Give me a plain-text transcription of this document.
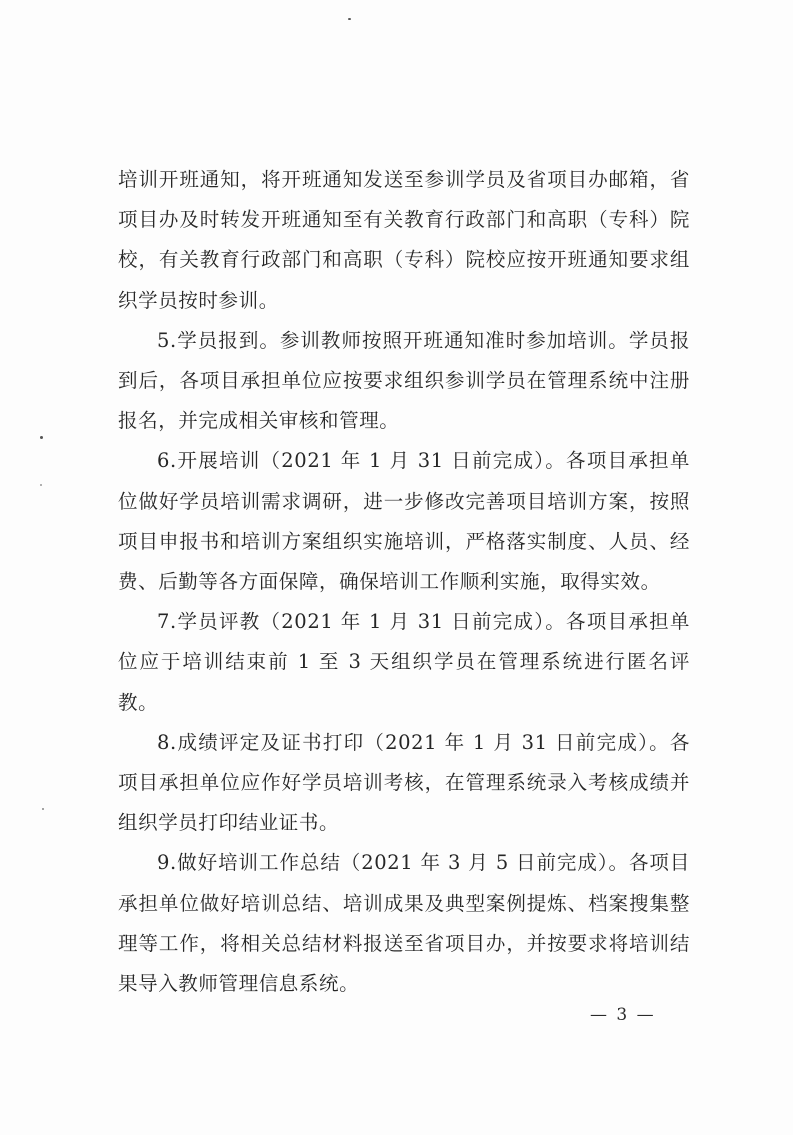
培训开班通知，将开班通知发送至参训学员及省项目办邮箱，省项目办及时转发开班通知至有关教育行政部门和高职（专科）院校，有关教育行政部门和高职（专科）院校应按开班通知要求组织学员按时参训。

5.学员报到。参训教师按照开班通知准时参加培训。学员报到后，各项目承担单位应按要求组织参训学员在管理系统中注册报名，并完成相关审核和管理。

6.开展培训（2021 年 1 月 31 日前完成）。各项目承担单位做好学员培训需求调研，进一步修改完善项目培训方案，按照项目申报书和培训方案组织实施培训，严格落实制度、人员、经费、后勤等各方面保障，确保培训工作顺利实施，取得实效。

7.学员评教（2021 年 1 月 31 日前完成）。各项目承担单位应于培训结束前 1 至 3 天组织学员在管理系统进行匿名评教。

8.成绩评定及证书打印（2021 年 1 月 31 日前完成）。各项目承担单位应作好学员培训考核，在管理系统录入考核成绩并组织学员打印结业证书。

9.做好培训工作总结（2021 年 3 月 5 日前完成）。各项目承担单位做好培训总结、培训成果及典型案例提炼、档案搜集整理等工作，将相关总结材料报送至省项目办，并按要求将培训结果导入教师管理信息系统。

— 3 —
